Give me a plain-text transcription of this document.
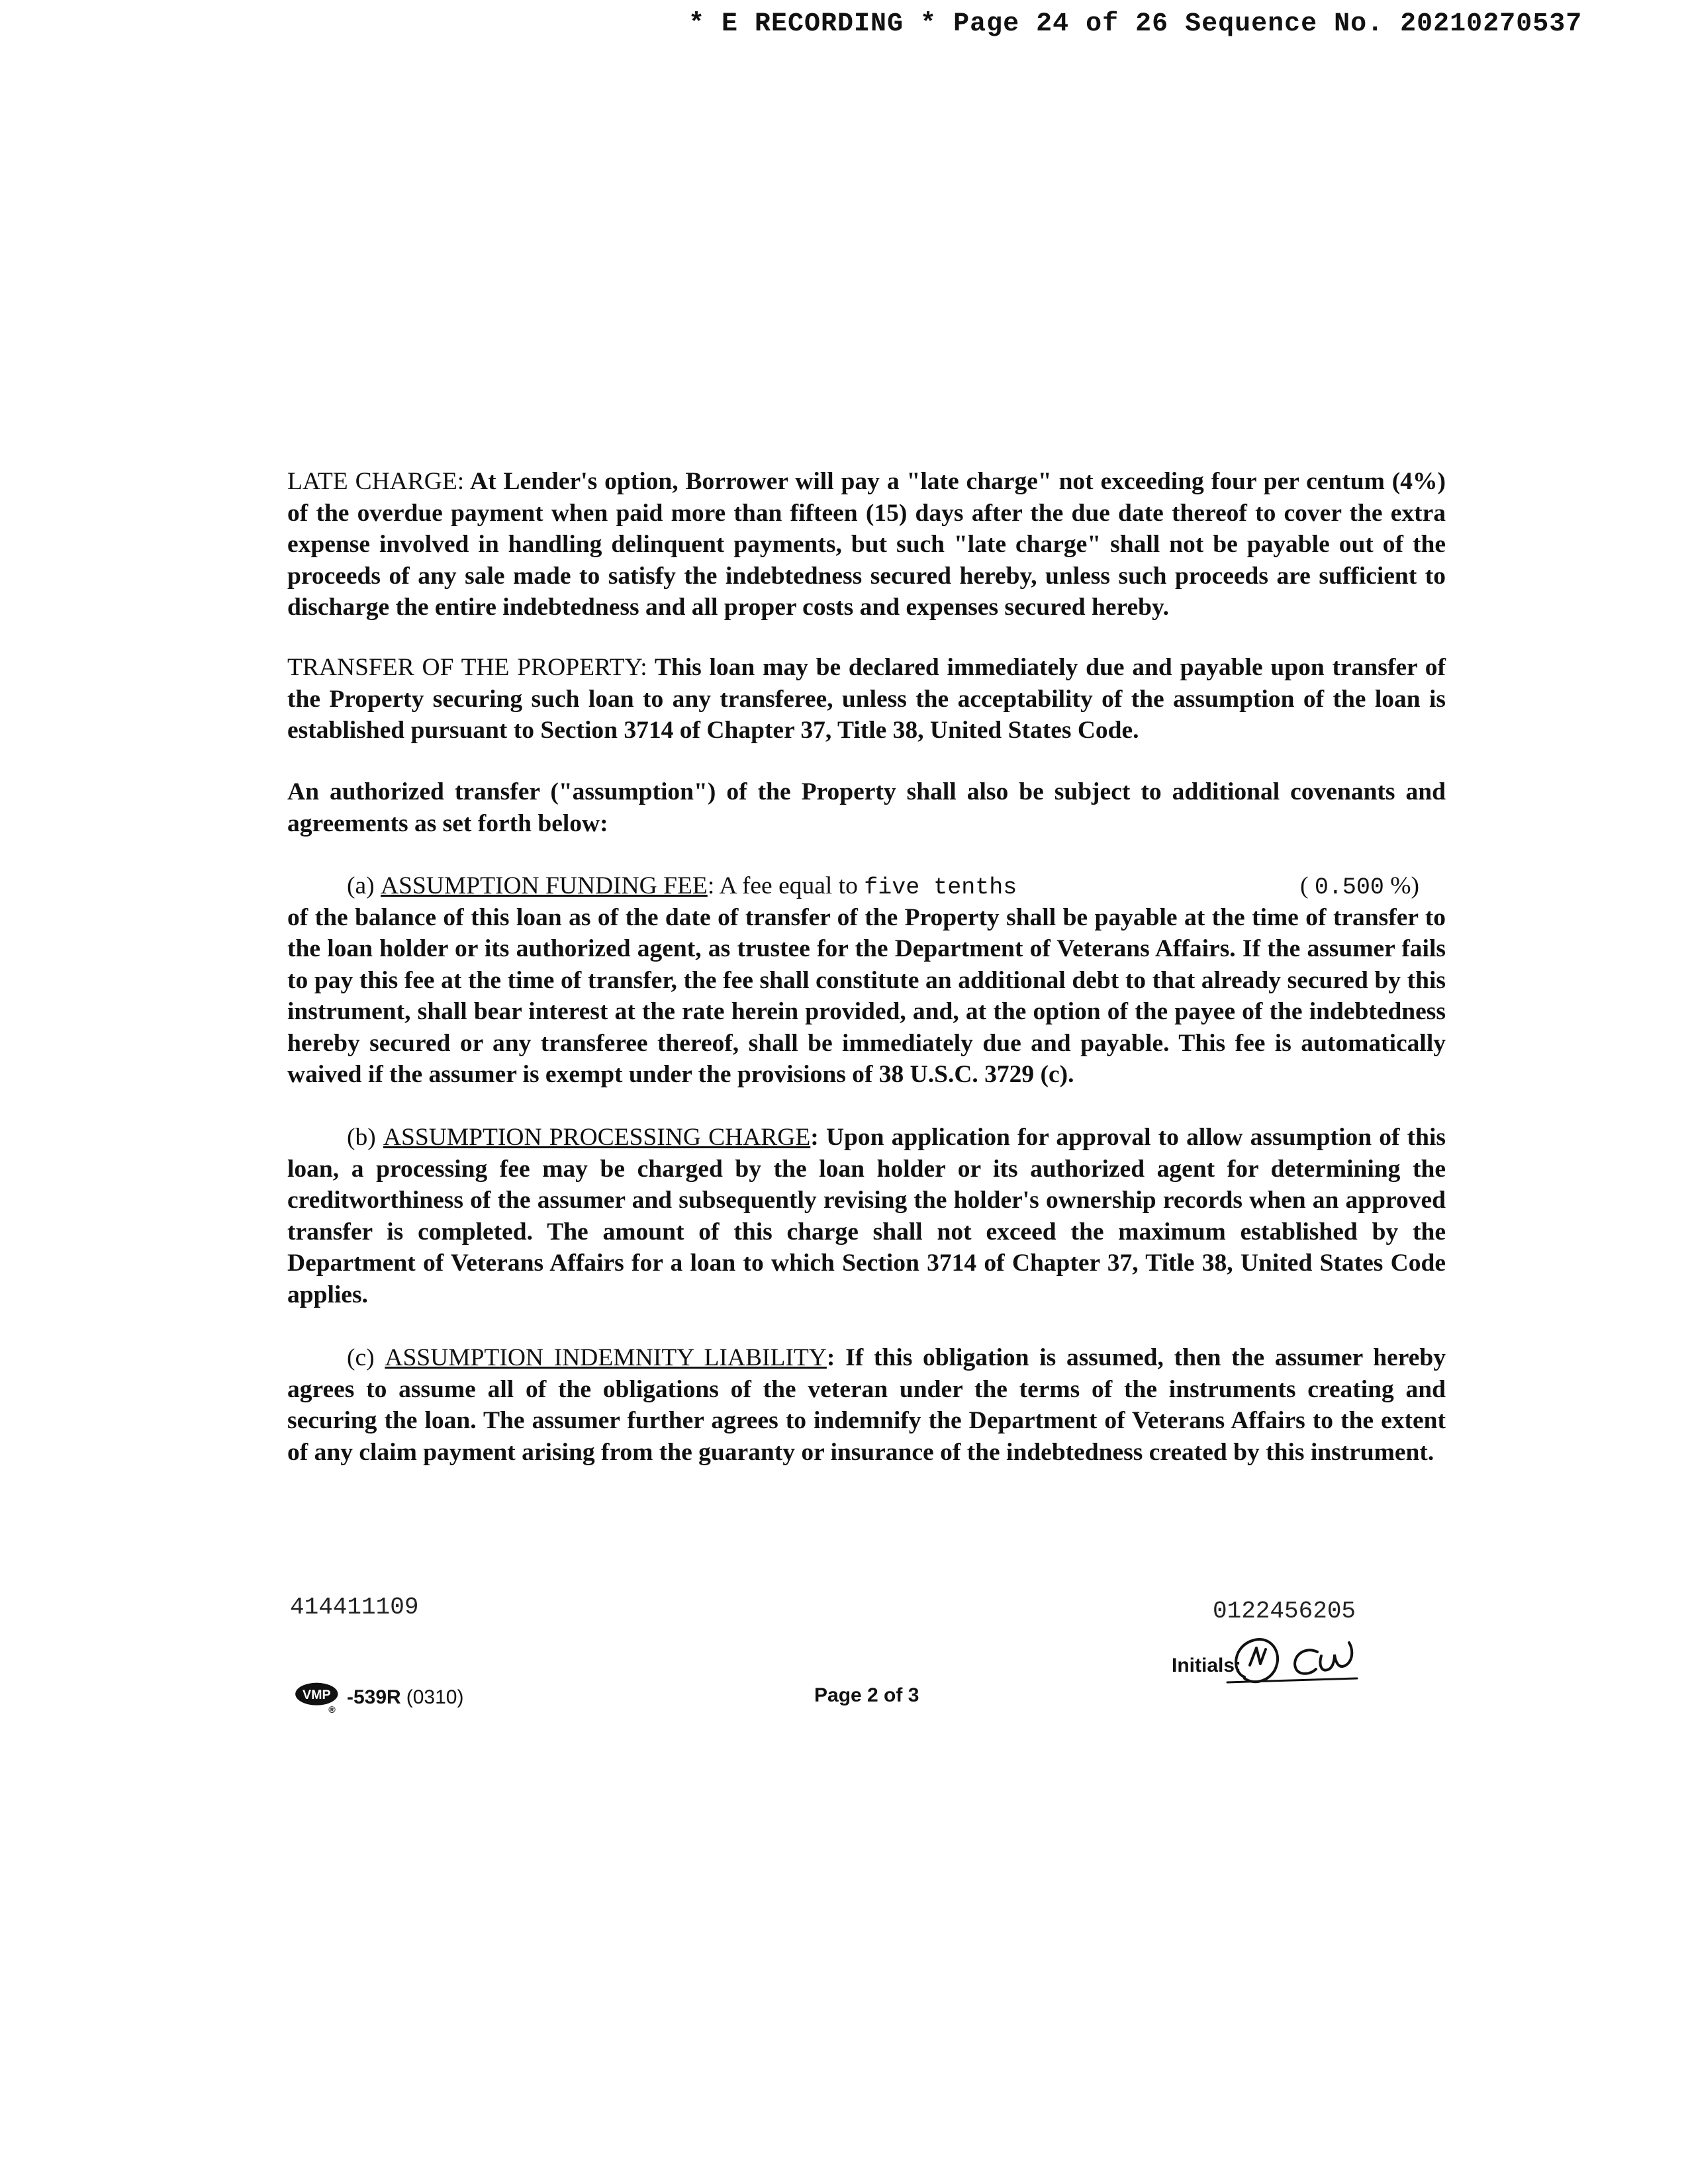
* E RECORDING * Page 24 of 26 Sequence No. 20210270537

LATE CHARGE: At Lender's option, Borrower will pay a "late charge" not exceeding four per centum (4%) of the overdue payment when paid more than fifteen (15) days after the due date thereof to cover the extra expense involved in handling delinquent payments, but such "late charge" shall not be payable out of the proceeds of any sale made to satisfy the indebtedness secured hereby, unless such proceeds are sufficient to discharge the entire indebtedness and all proper costs and expenses secured hereby.

TRANSFER OF THE PROPERTY: This loan may be declared immediately due and payable upon transfer of the Property securing such loan to any transferee, unless the acceptability of the assumption of the loan is established pursuant to Section 3714 of Chapter 37, Title 38, United States Code.

An authorized transfer ("assumption") of the Property shall also be subject to additional covenants and agreements as set forth below:

(a) ASSUMPTION FUNDING FEE: A fee equal to five tenths	( 0.500 %)

of the balance of this loan as of the date of transfer of the Property shall be payable at the time of transfer to the loan holder or its authorized agent, as trustee for the Department of Veterans Affairs. If the assumer fails to pay this fee at the time of transfer, the fee shall constitute an additional debt to that already secured by this instrument, shall bear interest at the rate herein provided, and, at the option of the payee of the indebtedness hereby secured or any transferee thereof, shall be immediately due and payable. This fee is automatically waived if the assumer is exempt under the provisions of 38 U.S.C. 3729 (c).

(b) ASSUMPTION PROCESSING CHARGE: Upon application for approval to allow assumption of this loan, a processing fee may be charged by the loan holder or its authorized agent for determining the creditworthiness of the assumer and subsequently revising the holder's ownership records when an approved transfer is completed. The amount of this charge shall not exceed the maximum established by the Department of Veterans Affairs for a loan to which Section 3714 of Chapter 37, Title 38, United States Code applies.

(c) ASSUMPTION INDEMNITY LIABILITY: If this obligation is assumed, then the assumer hereby agrees to assume all of the obligations of the veteran under the terms of the instruments creating and securing the loan. The assumer further agrees to indemnify the Department of Veterans Affairs to the extent of any claim payment arising from the guaranty or insurance of the indebtedness created by this instrument.

414411109	0122456205
VMP
®
-539R (0310)	Page 2 of 3
Initials:
